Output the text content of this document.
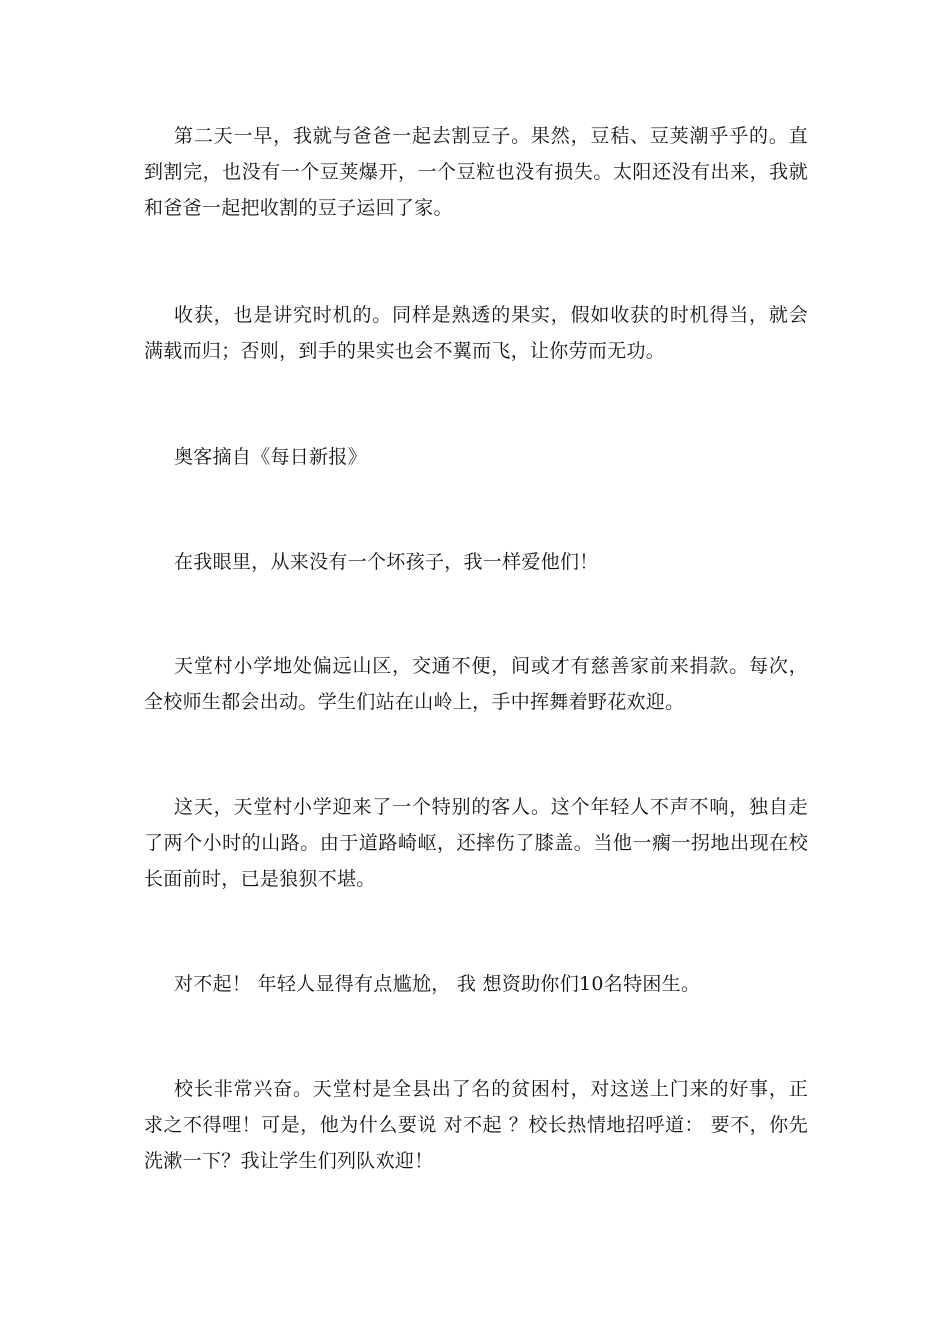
第二天一早，我就与爸爸一起去割豆子。果然，豆秸、豆荚潮乎乎的。直到割完，也没有一个豆荚爆开，一个豆粒也没有损失。太阳还没有出来，我就和爸爸一起把收割的豆子运回了家。

收获，也是讲究时机的。同样是熟透的果实，假如收获的时机得当，就会满载而归；否则，到手的果实也会不翼而飞，让你劳而无功。

奥客摘自《每日新报》

在我眼里，从来没有一个坏孩子，我一样爱他们！

天堂村小学地处偏远山区，交通不便，间或才有慈善家前来捐款。每次，全校师生都会出动。学生们站在山岭上，手中挥舞着野花欢迎。

这天，天堂村小学迎来了一个特别的客人。这个年轻人不声不响，独自走了两个小时的山路。由于道路崎岖，还摔伤了膝盖。当他一瘸一拐地出现在校长面前时，已是狼狈不堪。

对不起！ 年轻人显得有点尴尬， 我 想资助你们10名特困生。

校长非常兴奋。天堂村是全县出了名的贫困村，对这送上门来的好事，正求之不得哩！可是，他为什么要说 对不起 ？校长热情地招呼道： 要不，你先洗漱一下？我让学生们列队欢迎！
